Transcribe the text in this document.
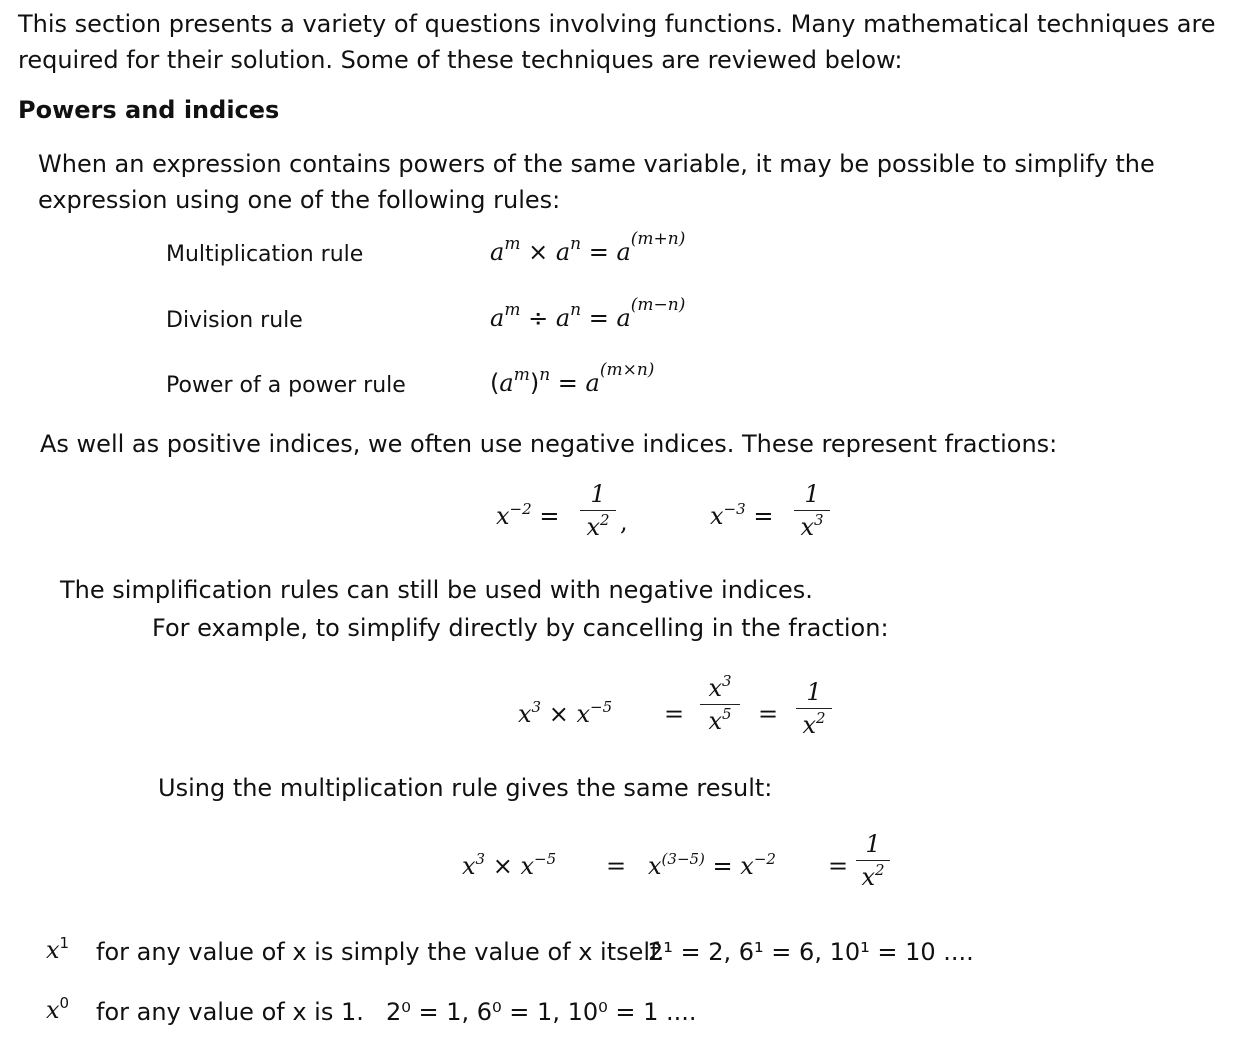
This section presents a variety of questions involving functions. Many mathematical techniques are
required for their solution. Some of these techniques are reviewed below:
Powers and indices
When an expression contains powers of the same variable, it may be possible to simplify the
expression using one of the following rules:
Multiplication rule	$a^m \times a^n = a^{(m+n)}$
Division rule	$a^m \div a^n = a^{(m-n)}$
Power of a power rule	$(a^m)^n = a^{(m\times n)}$
As well as positive indices, we often use negative indices. These represent fractions:
$x^{-2}$ =
1
$x^2$ ,	$x^{-3}$ =
1
$x^3$
The simplification rules can still be used with negative indices.
For example, to simplify directly by cancelling in the fraction:
$x^3 \times x^{-5}$ =
$x^3$
$x^5$	=
1
$x^2$
Using the multiplication rule gives the same result:
$x^3 \times x^{-5} = x^{(3-5)} = x^{-2}$ =
1
$x^2$
$x^1$ for any value of x is simply the value of x itself.
2¹ = 2, 6¹ = 6, 10¹ = 10 ....
$x^0$ for any value of x is 1. 2⁰ = 1, 6⁰ = 1, 10⁰ = 1 ....
